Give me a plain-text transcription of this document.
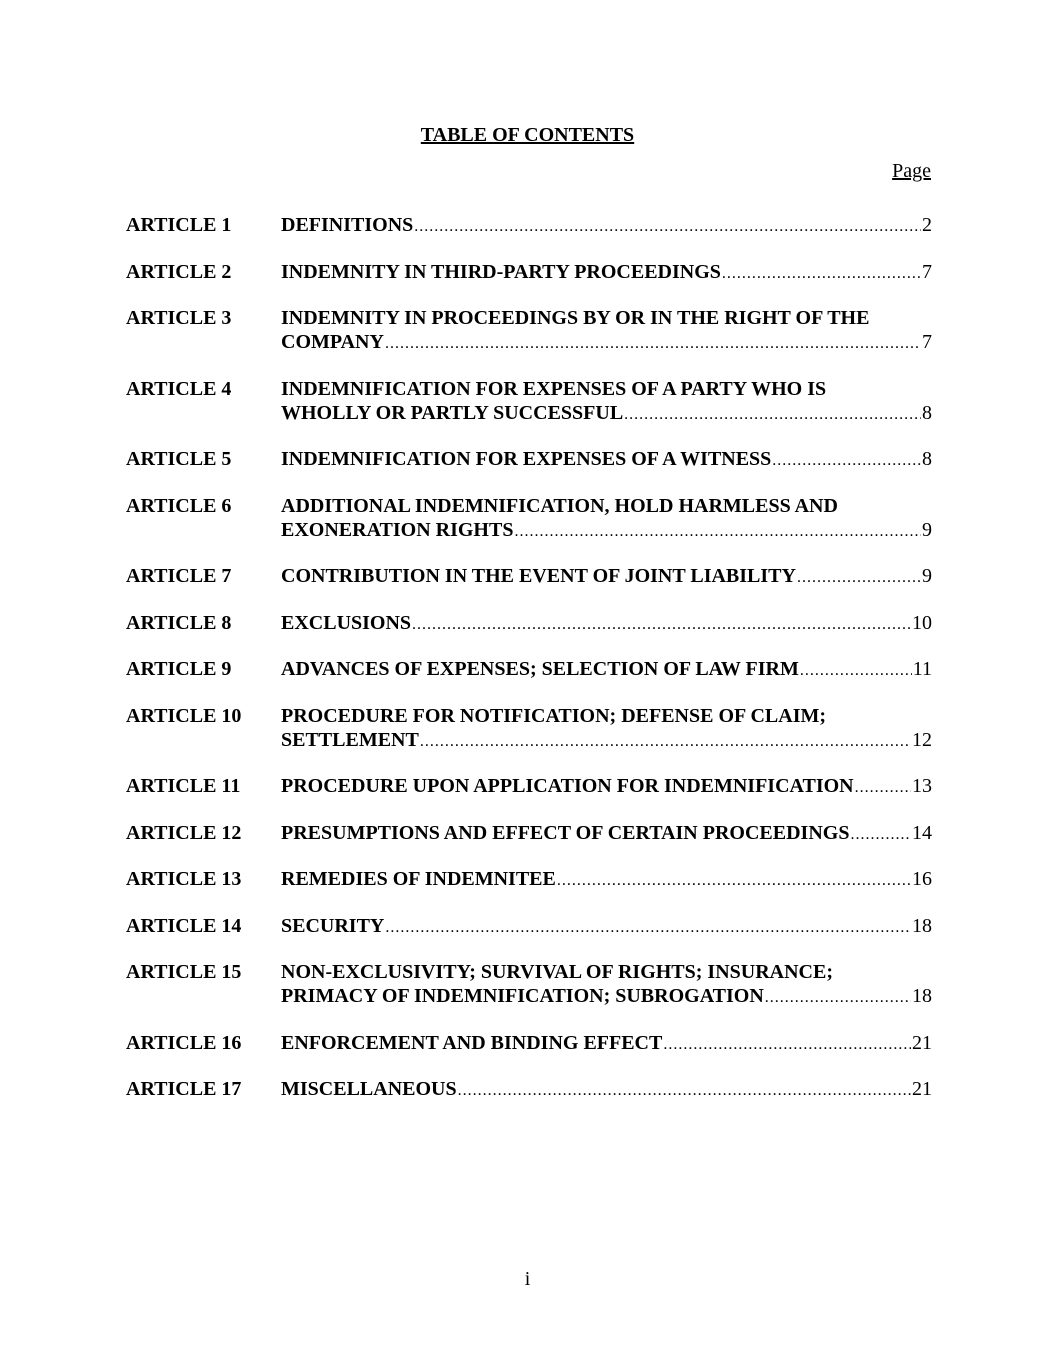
TABLE OF CONTENTS
Page
ARTICLE 1	DEFINITIONS .....	2
ARTICLE 2	INDEMNITY IN THIRD-PARTY PROCEEDINGS .....	7
ARTICLE 3	INDEMNITY IN PROCEEDINGS BY OR IN THE RIGHT OF THE
COMPANY .....	7
ARTICLE 4	INDEMNIFICATION FOR EXPENSES OF A PARTY WHO IS
WHOLLY OR PARTLY SUCCESSFUL .....	8
ARTICLE 5	INDEMNIFICATION FOR EXPENSES OF A WITNESS .....	8
ARTICLE 6	ADDITIONAL INDEMNIFICATION, HOLD HARMLESS AND
EXONERATION RIGHTS .....	9
ARTICLE 7	CONTRIBUTION IN THE EVENT OF JOINT LIABILITY .....	9
ARTICLE 8	EXCLUSIONS .....	10
ARTICLE 9	ADVANCES OF EXPENSES; SELECTION OF LAW FIRM .....	11
ARTICLE 10	PROCEDURE FOR NOTIFICATION; DEFENSE OF CLAIM;
SETTLEMENT .....	12
ARTICLE 11	PROCEDURE UPON APPLICATION FOR INDEMNIFICATION .....	13
ARTICLE 12	PRESUMPTIONS AND EFFECT OF CERTAIN PROCEEDINGS .....	14
ARTICLE 13	REMEDIES OF INDEMNITEE .....	16
ARTICLE 14	SECURITY .....	18
ARTICLE 15	NON-EXCLUSIVITY; SURVIVAL OF RIGHTS; INSURANCE;
PRIMACY OF INDEMNIFICATION; SUBROGATION .....	18
ARTICLE 16	ENFORCEMENT AND BINDING EFFECT .....	21
ARTICLE 17	MISCELLANEOUS .....	21
i
